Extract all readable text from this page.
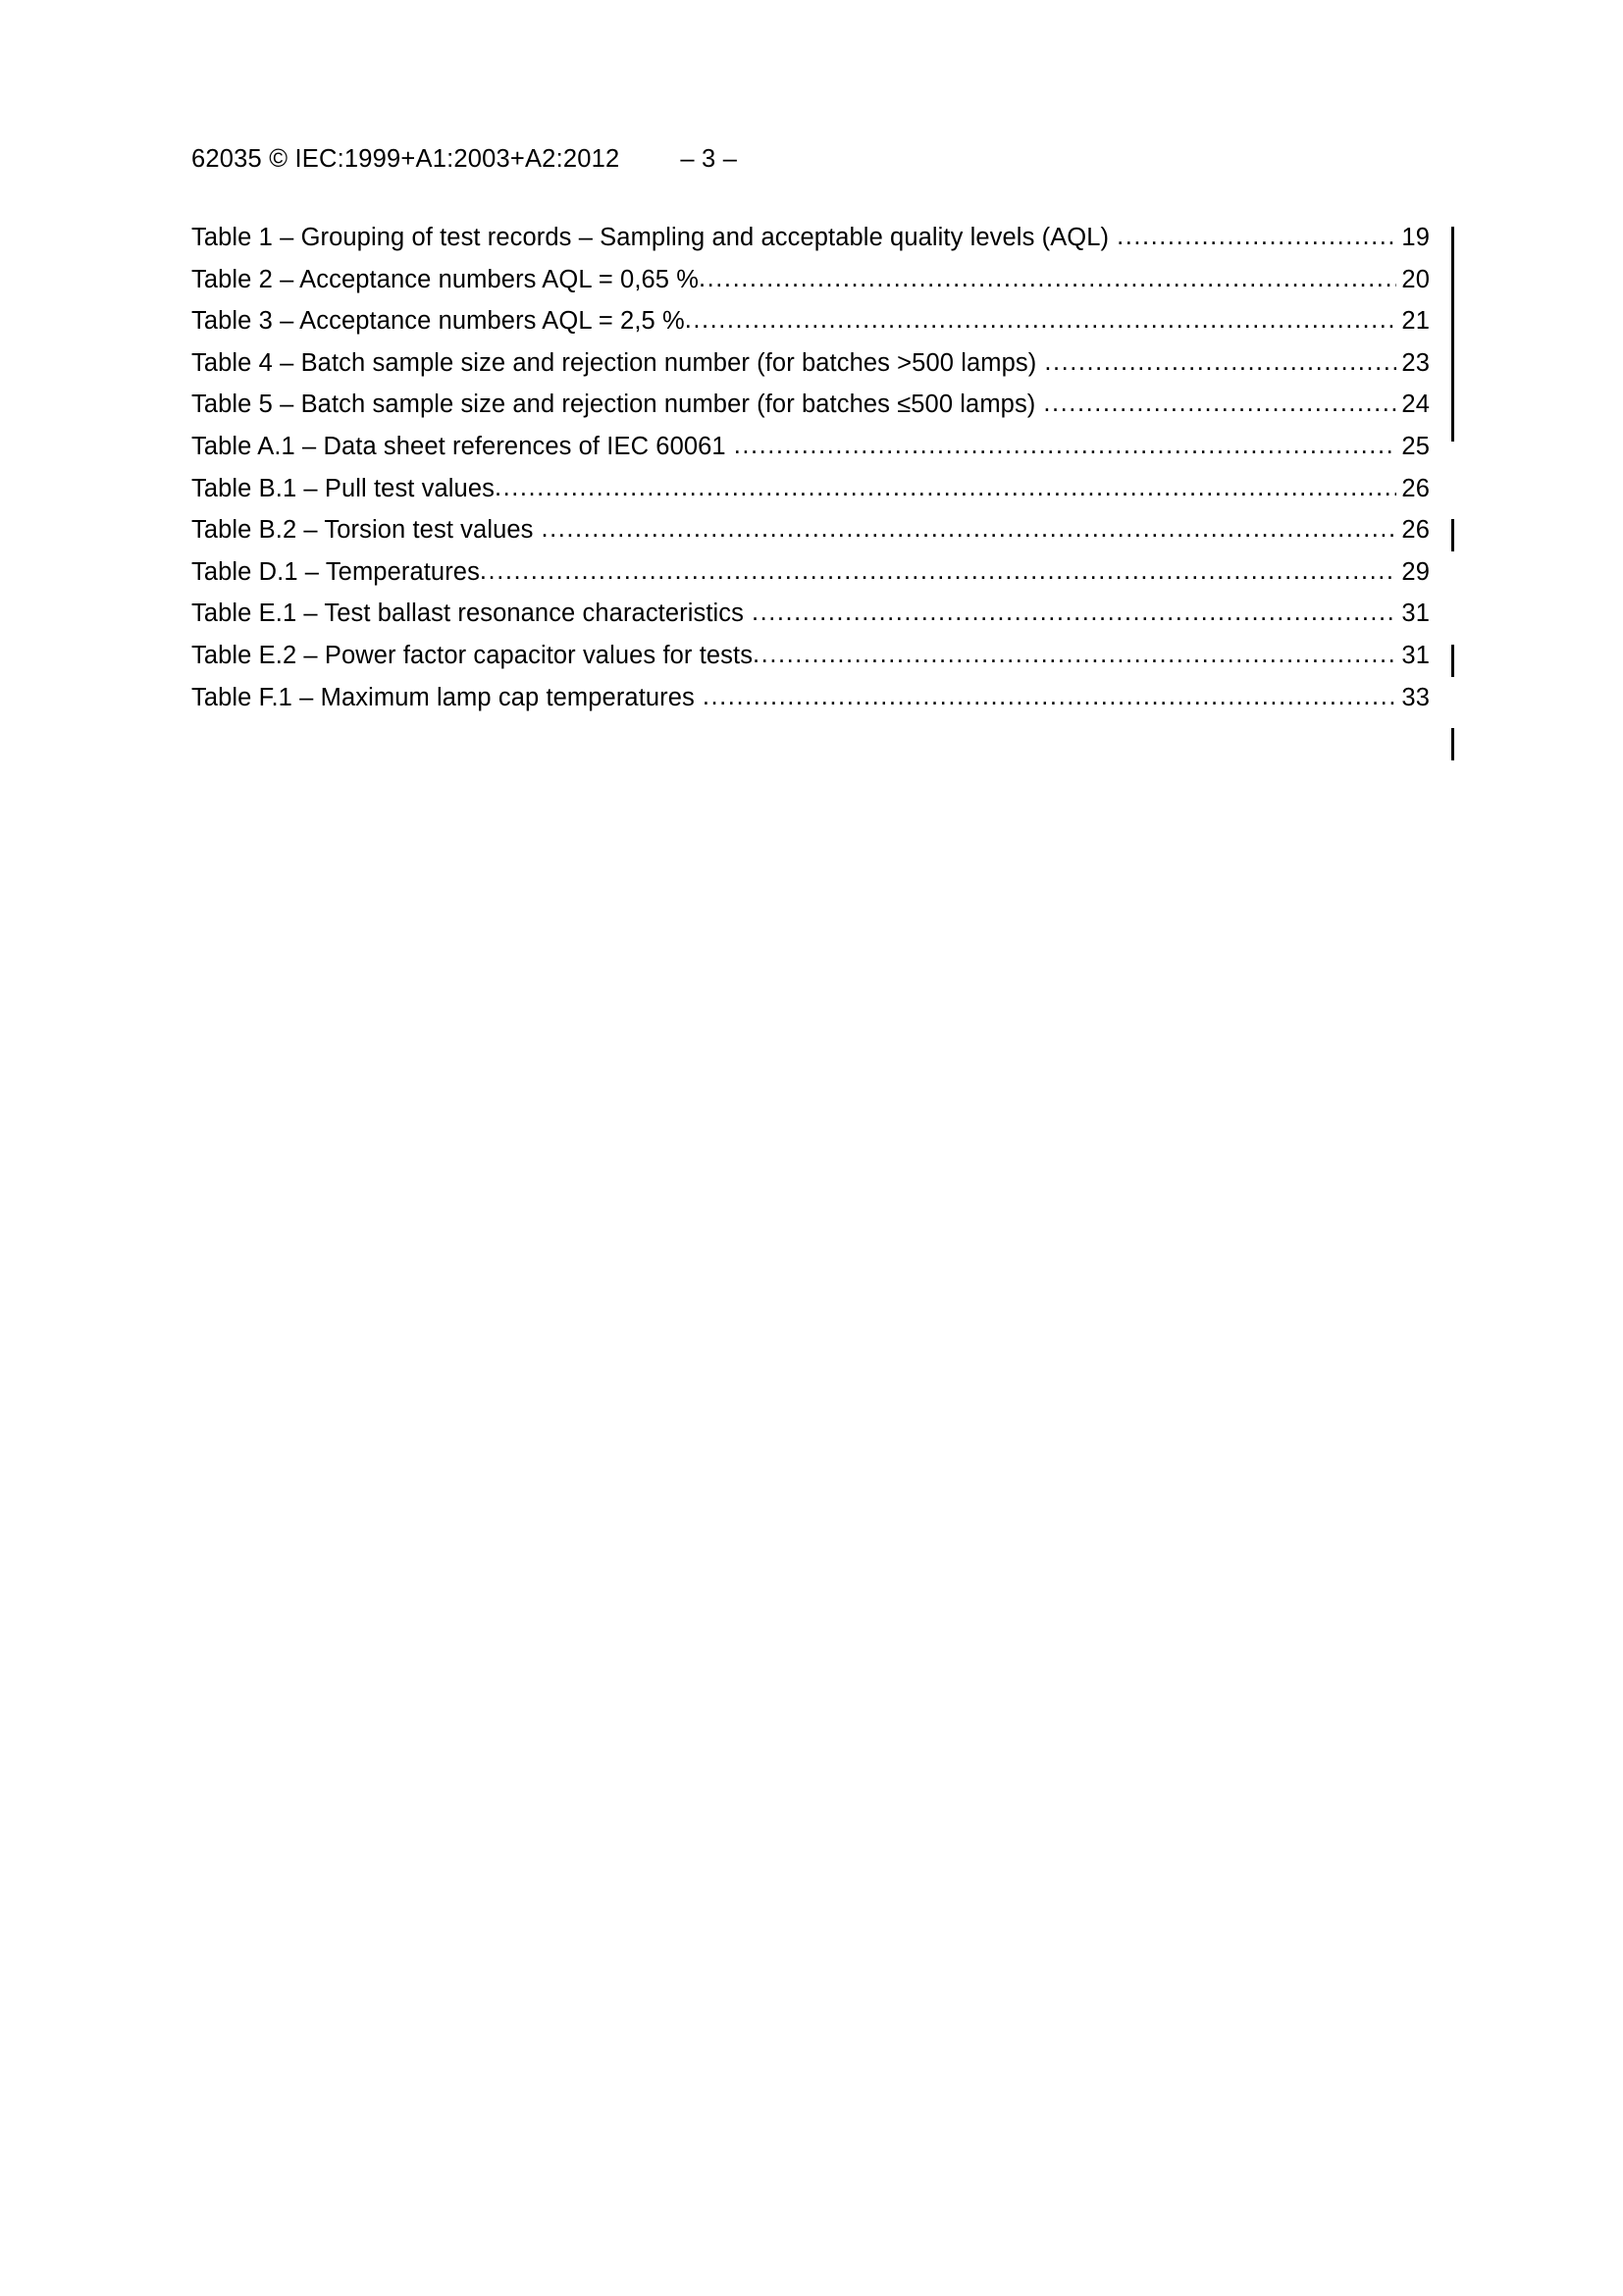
62035 © IEC:1999+A1:2003+A2:2012 – 3 –
Table 1 – Grouping of test records – Sampling and acceptable quality levels (AQL) .....	19
Table 2 – Acceptance numbers AQL = 0,65 % .....	20
Table 3 – Acceptance numbers AQL = 2,5 % .....	21
Table 4 – Batch sample size and rejection number (for batches >500 lamps) .....	23
Table 5 – Batch sample size and rejection number (for batches ≤500 lamps) .....	24
Table A.1 – Data sheet references of IEC 60061 .....	25
Table B.1 – Pull test values .....	26
Table B.2 – Torsion test values .....	26
Table D.1 – Temperatures .....	29
Table E.1 – Test ballast resonance characteristics .....	31
Table E.2 – Power factor capacitor values for tests .....	31
Table F.1 – Maximum lamp cap temperatures .....	33
